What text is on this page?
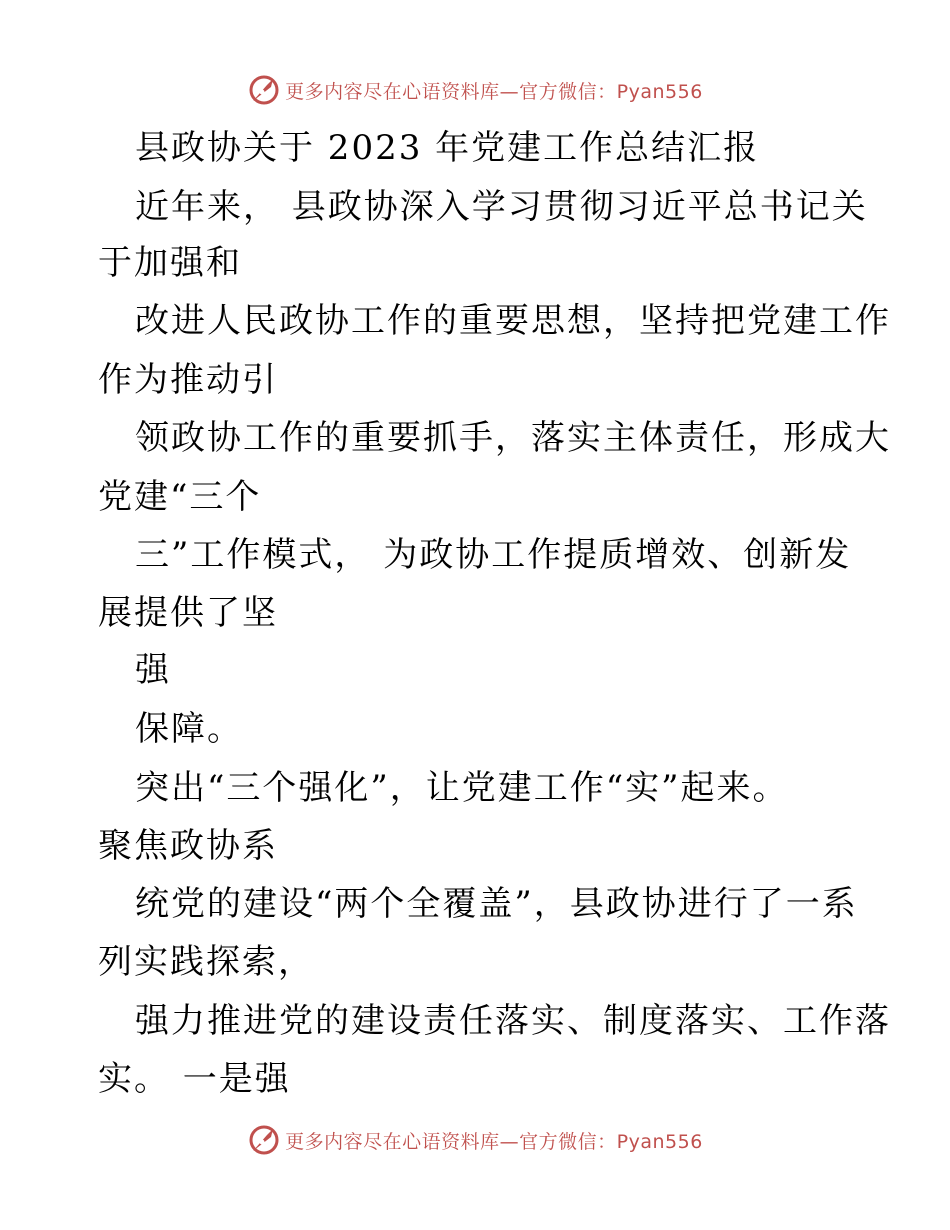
更多内容尽在心语资料库—官方微信：Pyan556
县政协关于 2023 年党建工作总结汇报
近年来， 县政协深入学习贯彻习近平总书记关
于加强和
改进人民政协工作的重要思想，坚持把党建工作
作为推动引
领政协工作的重要抓手，落实主体责任，形成大
党建“三个
三”工作模式， 为政协工作提质增效、创新发
展提供了坚
强
保障。
突出“三个强化”，让党建工作“实”起来。
聚焦政协系
统党的建设“两个全覆盖”，县政协进行了一系
列实践探索，
强力推进党的建设责任落实、制度落实、工作落
实。 一是强
更多内容尽在心语资料库—官方微信：Pyan556
